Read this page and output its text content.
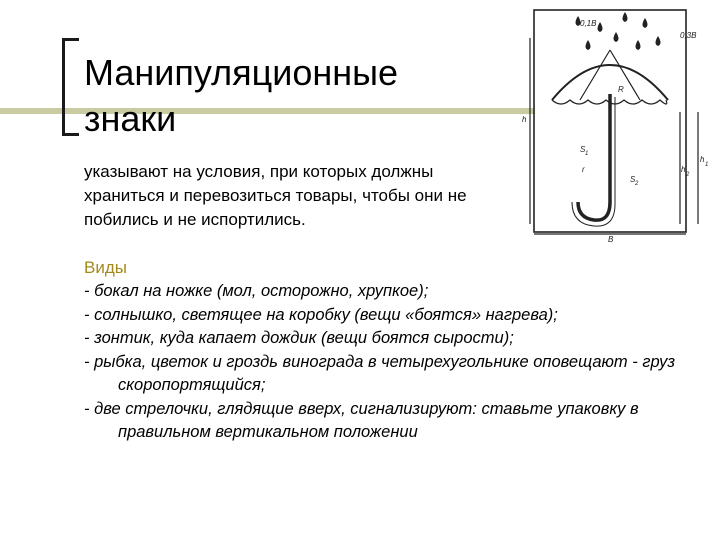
Манипуляционные
знаки
указывают на условия, при которых должны храниться и перевозиться товары, чтобы они не побились и не испортились.
Виды
- бокал на ножке (мол, осторожно, хрупкое);
- солнышко, светящее на коробку (вещи «боятся» нагрева);
- зонтик, куда капает дождик (вещи боятся сырости);
- рыбка, цветок и гроздь винограда в четырехугольнике оповещают - груз скоропортящийся;
- две стрелочки, глядящие вверх, сигнализируют: ставьте упаковку в правильном вертикальном положении
h
2
h
1
h
B
r
R
S 1
S 2
0,1B
0,3B
